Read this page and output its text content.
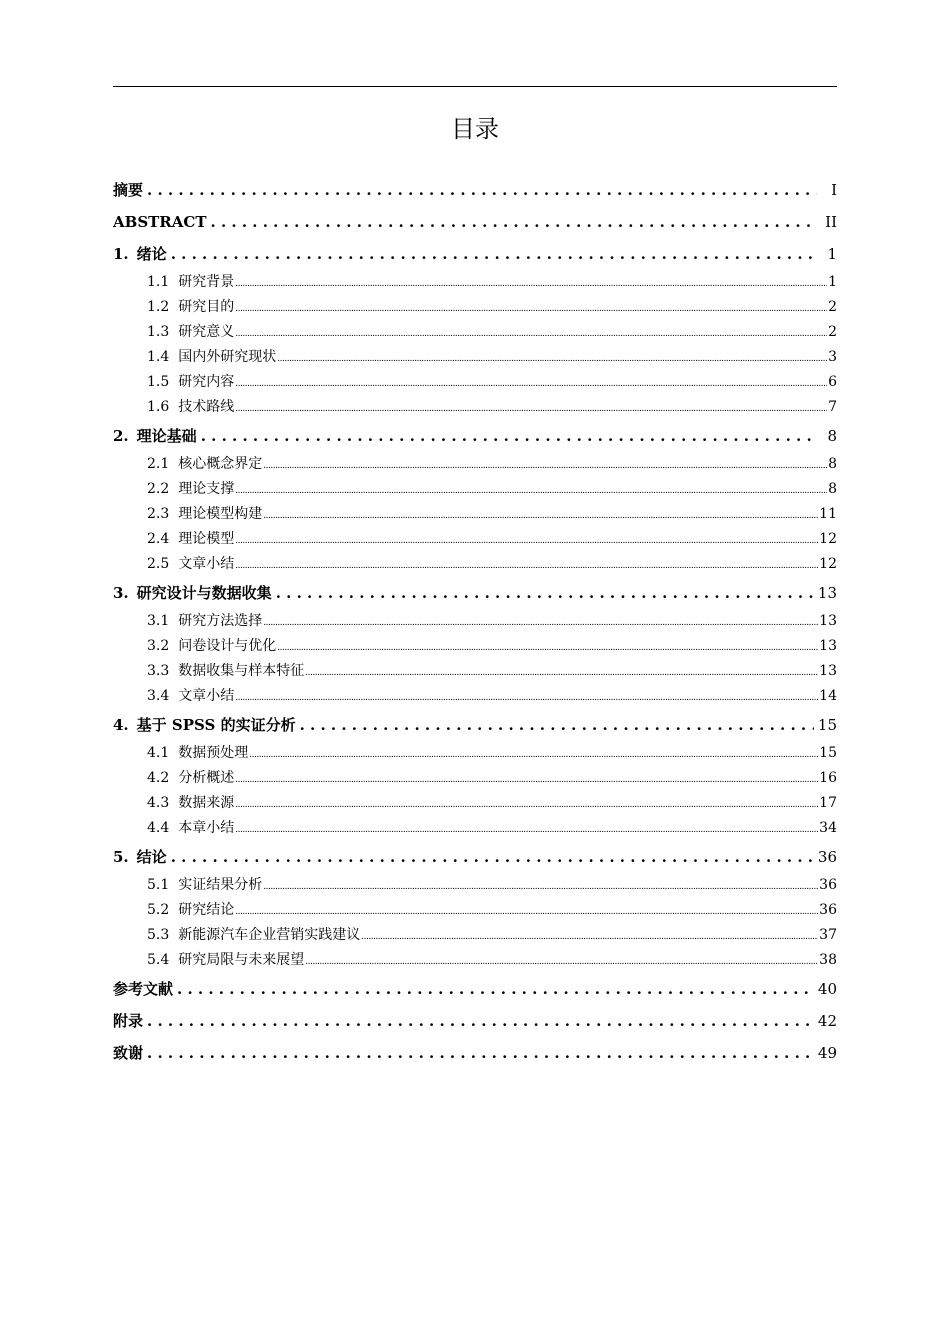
目录
摘要 . . .	I
ABSTRACT . . .	II
1. 绪论 . . .	1
1.1 研究背景 .....	1
1.2 研究目的 .....	2
1.3 研究意义 .....	2
1.4 国内外研究现状 .....	3
1.5 研究内容 .....	6
1.6 技术路线 .....	7
2. 理论基础 . . .	8
2.1 核心概念界定 .....	8
2.2 理论支撑 .....	8
2.3 理论模型构建 .....	11
2.4 理论模型 .....	12
2.5 文章小结 .....	12
3. 研究设计与数据收集 . . .	13
3.1 研究方法选择 .....	13
3.2 问卷设计与优化 .....	13
3.3 数据收集与样本特征 .....	13
3.4 文章小结 .....	14
4. 基于 SPSS 的实证分析 . . .	15
4.1 数据预处理 .....	15
4.2 分析概述 .....	16
4.3 数据来源 .....	17
4.4 本章小结 .....	34
5. 结论 . . .	36
5.1 实证结果分析 .....	36
5.2 研究结论 .....	36
5.3 新能源汽车企业营销实践建议 .....	37
5.4 研究局限与未来展望 .....	38
参考文献 . . .	40
附录 . . .	42
致谢 . . .	49
